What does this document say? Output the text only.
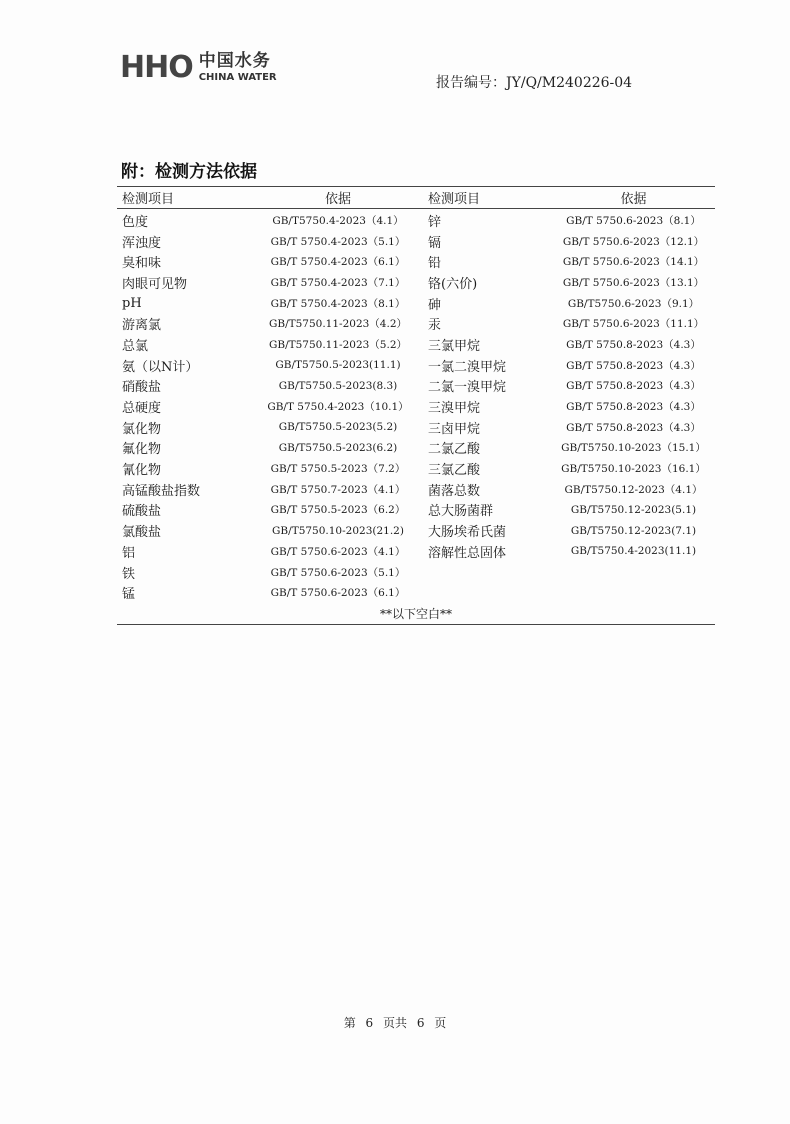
HHO 中国水务
CHINA WATER	报告编号：JY/Q/M240226-04
附：检测方法依据
检测项目	依据	检测项目	依据
色度	GB/T5750.4-2023（4.1）	锌	GB/T 5750.6-2023（8.1）
浑浊度	GB/T 5750.4-2023（5.1）	镉	GB/T 5750.6-2023（12.1）
臭和味	GB/T 5750.4-2023（6.1）	铅	GB/T 5750.6-2023（14.1）
肉眼可见物	GB/T 5750.4-2023（7.1）	铬(六价)	GB/T 5750.6-2023（13.1）
pH	GB/T 5750.4-2023（8.1）	砷	GB/T5750.6-2023（9.1）
游离氯	GB/T5750.11-2023（4.2）	汞	GB/T 5750.6-2023（11.1）
总氯	GB/T5750.11-2023（5.2）	三氯甲烷	GB/T 5750.8-2023（4.3）
氨（以N计）	GB/T5750.5-2023(11.1)	一氯二溴甲烷	GB/T 5750.8-2023（4.3）
硝酸盐	GB/T5750.5-2023(8.3)	二氯一溴甲烷	GB/T 5750.8-2023（4.3）
总硬度	GB/T 5750.4-2023（10.1）	三溴甲烷	GB/T 5750.8-2023（4.3）
氯化物	GB/T5750.5-2023(5.2)	三卤甲烷	GB/T 5750.8-2023（4.3）
氟化物	GB/T5750.5-2023(6.2)	二氯乙酸	GB/T5750.10-2023（15.1）
氰化物	GB/T 5750.5-2023（7.2）	三氯乙酸	GB/T5750.10-2023（16.1）
高锰酸盐指数	GB/T 5750.7-2023（4.1）	菌落总数	GB/T5750.12-2023（4.1）
硫酸盐	GB/T 5750.5-2023（6.2）	总大肠菌群	GB/T5750.12-2023(5.1)
氯酸盐	GB/T5750.10-2023(21.2)	大肠埃希氏菌	GB/T5750.12-2023(7.1)
铝	GB/T 5750.6-2023（4.1）	溶解性总固体	GB/T5750.4-2023(11.1)
铁	GB/T 5750.6-2023（5.1）
锰	GB/T 5750.6-2023（6.1）
**以下空白**
第 6 页共 6 页
